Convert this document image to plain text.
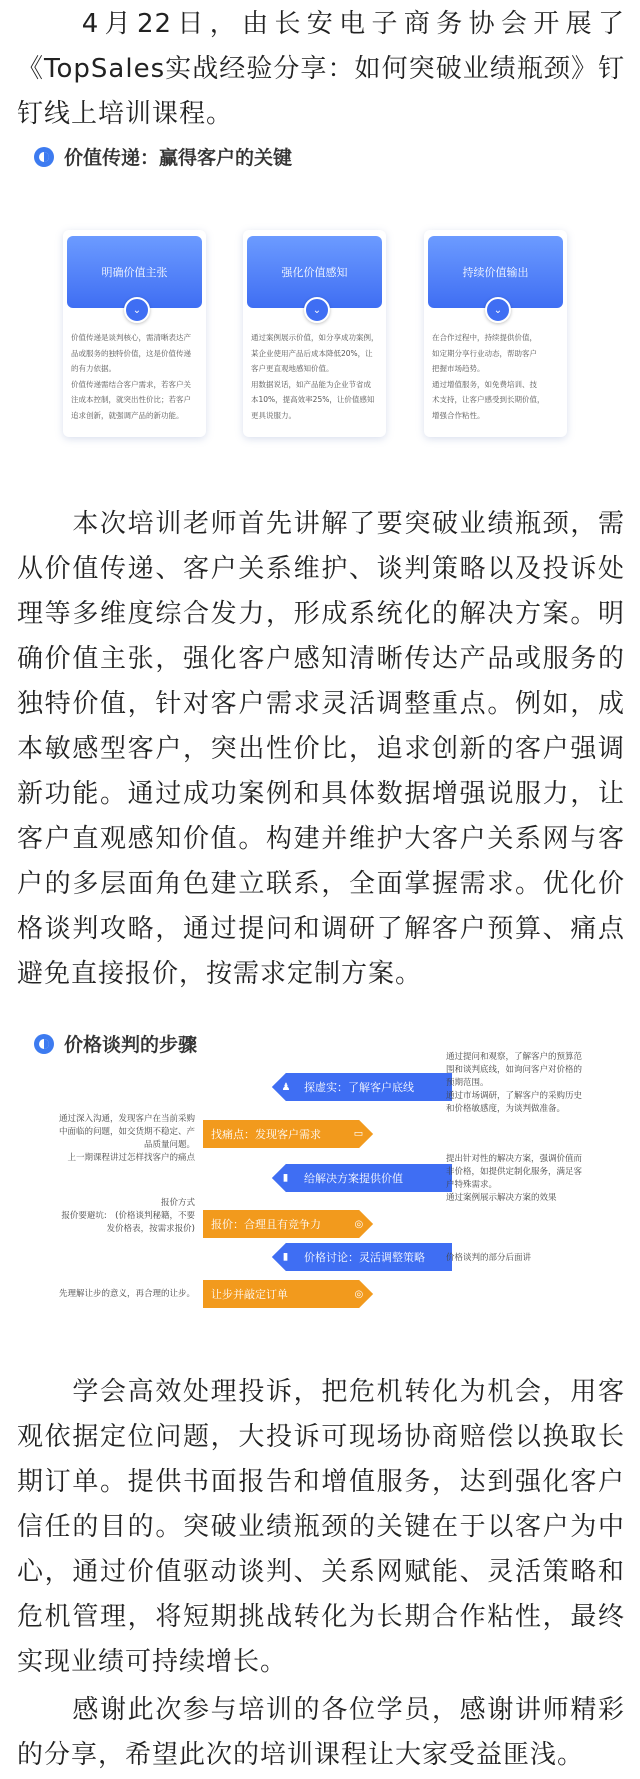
　　4月22日，由长安电子商务协会开展了《TopSales实战经验分享：如何突破业绩瓶颈》钉钉线上培训课程。

价值传递：赢得客户的关键
明确价值主张
⌄
价值传递是谈判核心，需清晰表达产
品或服务的独特价值，这是价值传递
的有力依据。
价值传递需结合客户需求，若客户关
注成本控制，就突出性价比；若客户
追求创新，就强调产品的新功能。
强化价值感知
⌄
通过案例展示价值，如分享成功案例，
某企业使用产品后成本降低20%，让
客户更直观地感知价值。
用数据说话，如产品能为企业节省成
本10%，提高效率25%，让价值感知
更具说服力。
持续价值输出
⌄
在合作过程中，持续提供价值，
如定期分享行业动态，帮助客户
把握市场趋势。
通过增值服务，如免费培训、技
术支持，让客户感受到长期价值，
增强合作粘性。

　　本次培训老师首先讲解了要突破业绩瓶颈，需从价值传递、客户关系维护、谈判策略以及投诉处理等多维度综合发力，形成系统化的解决方案。明确价值主张，强化客户感知清晰传达产品或服务的独特价值，针对客户需求灵活调整重点。例如，成本敏感型客户，突出性价比，追求创新的客户强调新功能。通过成功案例和具体数据增强说服力，让客户直观感知价值。构建并维护大客户关系网与客户的多层面角色建立联系，全面掌握需求。优化价格谈判攻略，通过提问和调研了解客户预算、痛点避免直接报价，按需求定制方案。

价格谈判的步骤
♟ 探虚实：了解客户底线
通过提问和观察，了解客户的预算范
围和谈判底线，如询问客户对价格的
预期范围。
通过市场调研，了解客户的采购历史
和价格敏感度，为谈判做准备。
找痛点：发现客户需求	▭
通过深入沟通，发现客户在当前采购
中面临的问题，如交货期不稳定、产
品质量问题。
上一期课程讲过怎样找客户的痛点
▮ 给解决方案提供价值
提出针对性的解决方案，强调价值而
非价格，如提供定制化服务，满足客
户特殊需求。
通过案例展示解决方案的效果
报价：合理且有竞争力	◎
报价方式
报价要避坑:　(价格谈判秘籍，不要
发价格表，按需求报价)
▮ 价格讨论：灵活调整策略 价格谈判的部分后面讲
让步并敲定订单	◎
先理解让步的意义，再合理的让步。

　　学会高效处理投诉，把危机转化为机会，用客观依据定位问题，大投诉可现场协商赔偿以换取长期订单。提供书面报告和增值服务，达到强化客户信任的目的。突破业绩瓶颈的关键在于以客户为中心，通过价值驱动谈判、关系网赋能、灵活策略和危机管理，将短期挑战转化为长期合作粘性，最终实现业绩可持续增长。

　　感谢此次参与培训的各位学员，感谢讲师精彩的分享，希望此次的培训课程让大家受益匪浅。
